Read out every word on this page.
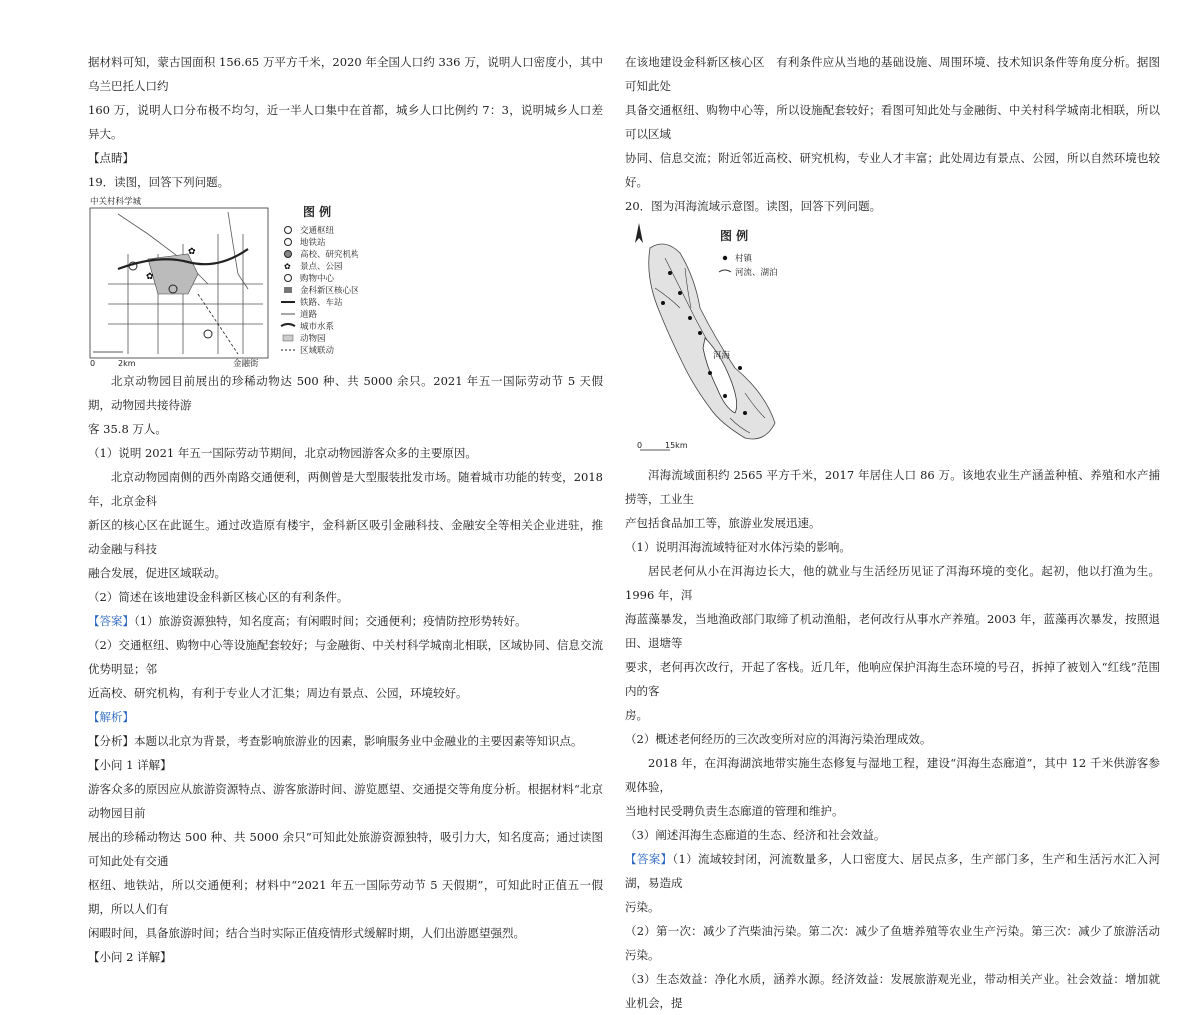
据材料可知，蒙古国面积 156.65 万平方千米，2020 年全国人口约 336 万，说明人口密度小，其中乌兰巴托人口约

160 万，说明人口分布极不均匀，近一半人口集中在首都，城乡人口比例约 7：3，说明城乡人口差异大。

【点睛】

19．读图，回答下列问题。

中关村科学城
✿
✿
金融街
0	2km
图 例
交通枢纽
地铁站
高校、研究机构
✿ 景点、公园
购物中心
金科新区核心区
铁路、车站
道路
城市水系
动物园
区域联动

北京动物园目前展出的珍稀动物达 500 种、共 5000 余只。2021 年五一国际劳动节 5 天假期，动物园共接待游

客 35.8 万人。

（1）说明 2021 年五一国际劳动节期间，北京动物园游客众多的主要原因。

北京动物园南侧的西外南路交通便利，两侧曾是大型服装批发市场。随着城市功能的转变，2018 年，北京金科

新区的核心区在此诞生。通过改造原有楼宇，金科新区吸引金融科技、金融安全等相关企业进驻，推动金融与科技

融合发展，促进区域联动。

（2）简述在该地建设金科新区核心区的有利条件。

【答案】（1）旅游资源独特，知名度高；有闲暇时间；交通便利；疫情防控形势转好。

（2）交通枢纽、购物中心等设施配套较好；与金融街、中关村科学城南北相联，区域协同、信息交流优势明显；邻

近高校、研究机构，有利于专业人才汇集；周边有景点、公园，环境较好。

【解析】

【分析】本题以北京为背景，考查影响旅游业的因素，影响服务业中金融业的主要因素等知识点。

【小问 1 详解】

游客众多的原因应从旅游资源特点、游客旅游时间、游览愿望、交通提交等角度分析。根据材料“北京动物园目前

展出的珍稀动物达 500 种、共 5000 余只”可知此处旅游资源独特，吸引力大，知名度高；通过读图可知此处有交通

枢纽、地铁站，所以交通便利；材料中“2021 年五一国际劳动节 5 天假期”，可知此时正值五一假期，所以人们有

闲暇时间，具备旅游时间；结合当时实际正值疫情形式缓解时期，人们出游愿望强烈。

【小问 2 详解】

在该地建设金科新区核心区　有利条件应从当地的基础设施、周围环境、技术知识条件等角度分析。据图可知此处

具备交通枢纽、购物中心等，所以设施配套较好；看图可知此处与金融街、中关村科学城南北相联，所以可以区域

协同、信息交流；附近邻近高校、研究机构，专业人才丰富；此处周边有景点、公园，所以自然环境也较好。

20．图为洱海流域示意图。读图，回答下列问题。

洱海
图 例
村镇
河流、湖泊
0	15km

洱海流域面积约 2565 平方千米，2017 年居住人口 86 万。该地农业生产涵盖种植、养殖和水产捕捞等，工业生

产包括食品加工等，旅游业发展迅速。

（1）说明洱海流域特征对水体污染的影响。

居民老何从小在洱海边长大，他的就业与生活经历见证了洱海环境的变化。起初，他以打渔为生。1996 年，洱

海蓝藻暴发，当地渔政部门取缔了机动渔船，老何改行从事水产养殖。2003 年，蓝藻再次暴发，按照退田、退塘等

要求，老何再次改行，开起了客栈。近几年，他响应保护洱海生态环境的号召，拆掉了被划入“红线”范围内的客

房。

（2）概述老何经历的三次改变所对应的洱海污染治理成效。

2018 年，在洱海湖滨地带实施生态修复与湿地工程，建设“洱海生态廊道”，其中 12 千米供游客参观体验，

当地村民受聘负责生态廊道的管理和维护。

（3）阐述洱海生态廊道的生态、经济和社会效益。

【答案】（1）流域较封闭，河流数量多，人口密度大、居民点多，生产部门多，生产和生活污水汇入河湖，易造成

污染。

（2）第一次：减少了汽柴油污染。第二次：减少了鱼塘养殖等农业生产污染。第三次：减少了旅游活动污染。

（3）生态效益：净化水质，涵养水源。经济效益：发展旅游观光业，带动相关产业。社会效益：增加就业机会，提
